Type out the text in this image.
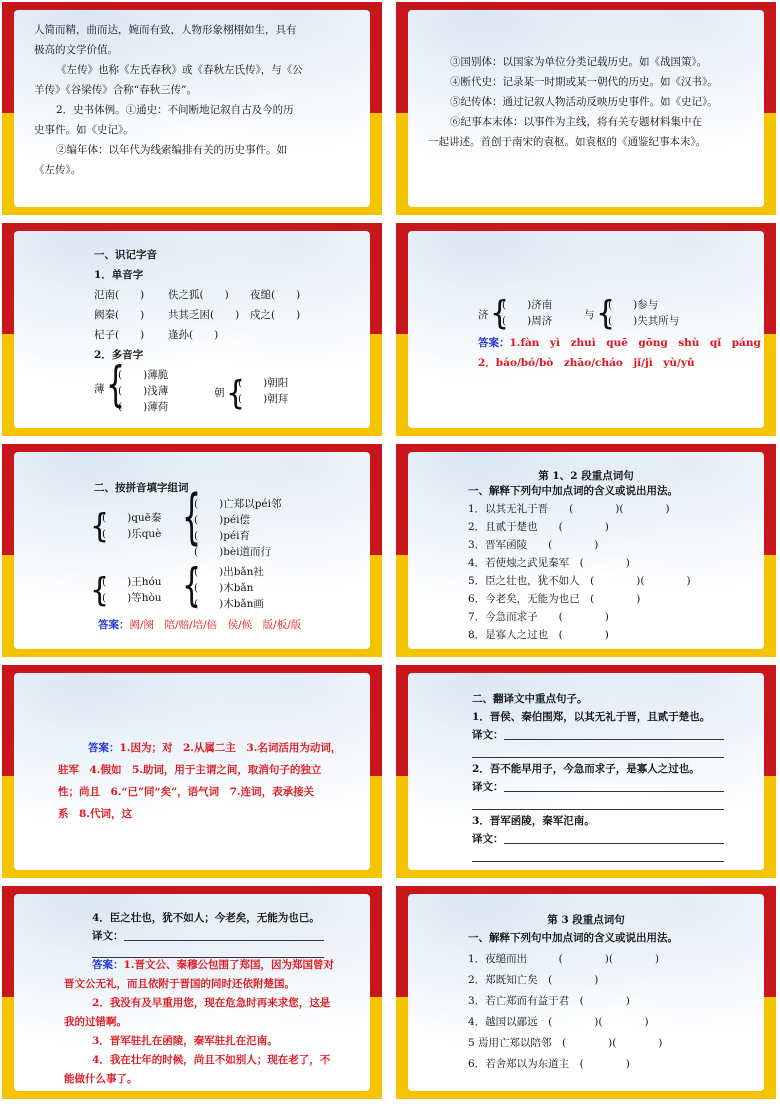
人简而精，曲而达，婉而有致，人物形象栩栩如生，具有
极高的文学价值。
《左传》也称《左氏春秋》或《春秋左氏传》，与《公
羊传》《谷梁传》合称“春秋三传”。
2．史书体例。①通史：不间断地记叙自古及今的历
史事件。如《史记》。
②编年体：以年代为线索编排有关的历史事件。如
《左传》。
③国别体：以国家为单位分类记载历史。如《战国策》。
④断代史：记录某一时期或某一朝代的历史。如《汉书》。
⑤纪传体：通过记叙人物活动反映历史事件。如《史记》。
⑥纪事本末体：以事件为主线，将有关专题材料集中在
一起讲述。首创于南宋的袁枢。如袁枢的《通鉴纪事本末》。
一、识记字音
1．单音字
氾南(　　) 佚之狐(　　) 夜缒(　　)
阙秦(　　) 共其乏困(　　) 戍之(　　)
杞子(　　) 逢孙(　　)
2．多音字
薄 {
(　　)薄脆
(　　)浅薄
(　　)薄荷
朝 {
(　　)朝阳
(　　)朝拜
济 {
(　　)济南
(　　)周济	与 {
(　　)参与
(　　)失其所与
答案：1.fàn　yì　zhuì　quē　gōnɡ　shù　qǐ　páng
2．báo/bó/bò　zhāo/cháo　jǐ/jì　yù/yǔ
二、按拼音填字组词
{
(　　)quē秦
(　　)乐què {
(　　)亡郑以péi邻
(　　)péi偿
(　　)péi育
(　　)bèi道而行
{
(　　)王hóu
(　　)等hòu {
(　　)出bǎn社
(　　)木bǎn
(　　)木bǎn画
答案：阙/阕　陪/赔/培/倍　侯/候　版/板/版
第 1、2 段重点词句
一、解释下列句中加点词的含义或说出用法。
1．以其无礼于晋　　(　　　　)(　　　　)
2．且贰于楚也　　(　　　　)
3．晋军函陵　　(　　　　)
4．若使烛之武见秦军　(　　　　)
5．臣之壮也，犹不如人　(　　　　)(　　　　)
6．今老矣，无能为也已　(　　　　)
7．今急而求子　　(　　　　)
8．是寡人之过也　(　　　　)
答案：1.因为；对　2.从属二主　3.名词活用为动词，
驻军　4.假如　5.助词，用于主谓之间，取消句子的独立
性；尚且　6.“已”同“矣”，语气词　7.连词，表承接关
系　8.代词，这
二、翻译文中重点句子。
1．晋侯、秦伯围郑，以其无礼于晋，且贰于楚也。
译文：
2．吾不能早用子，今急而求子，是寡人之过也。
译文：
3．晋军函陵，秦军氾南。
译文：
4．臣之壮也，犹不如人；今老矣，无能为也已。
译文：
答案：1.晋文公、秦穆公包围了郑国，因为郑国曾对
晋文公无礼，而且依附于晋国的同时还依附楚国。
2．我没有及早重用您，现在危急时再来求您，这是
我的过错啊。
3．晋军驻扎在函陵，秦军驻扎在氾南。
4．我在壮年的时候，尚且不如别人；现在老了，不
能做什么事了。
第 3 段重点词句
一、解释下列句中加点词的含义或说出用法。
1．夜缒而出　　　(　　　　)(　　　　)
2．郑既知亡矣　(　　　　)
3．若亡郑而有益于君　(　　　　)
4．越国以鄙远　(　　　　)(　　　　)
5 焉用亡郑以陪邻　(　　　　)(　　　　)
6．若舍郑以为东道主　(　　　　)
